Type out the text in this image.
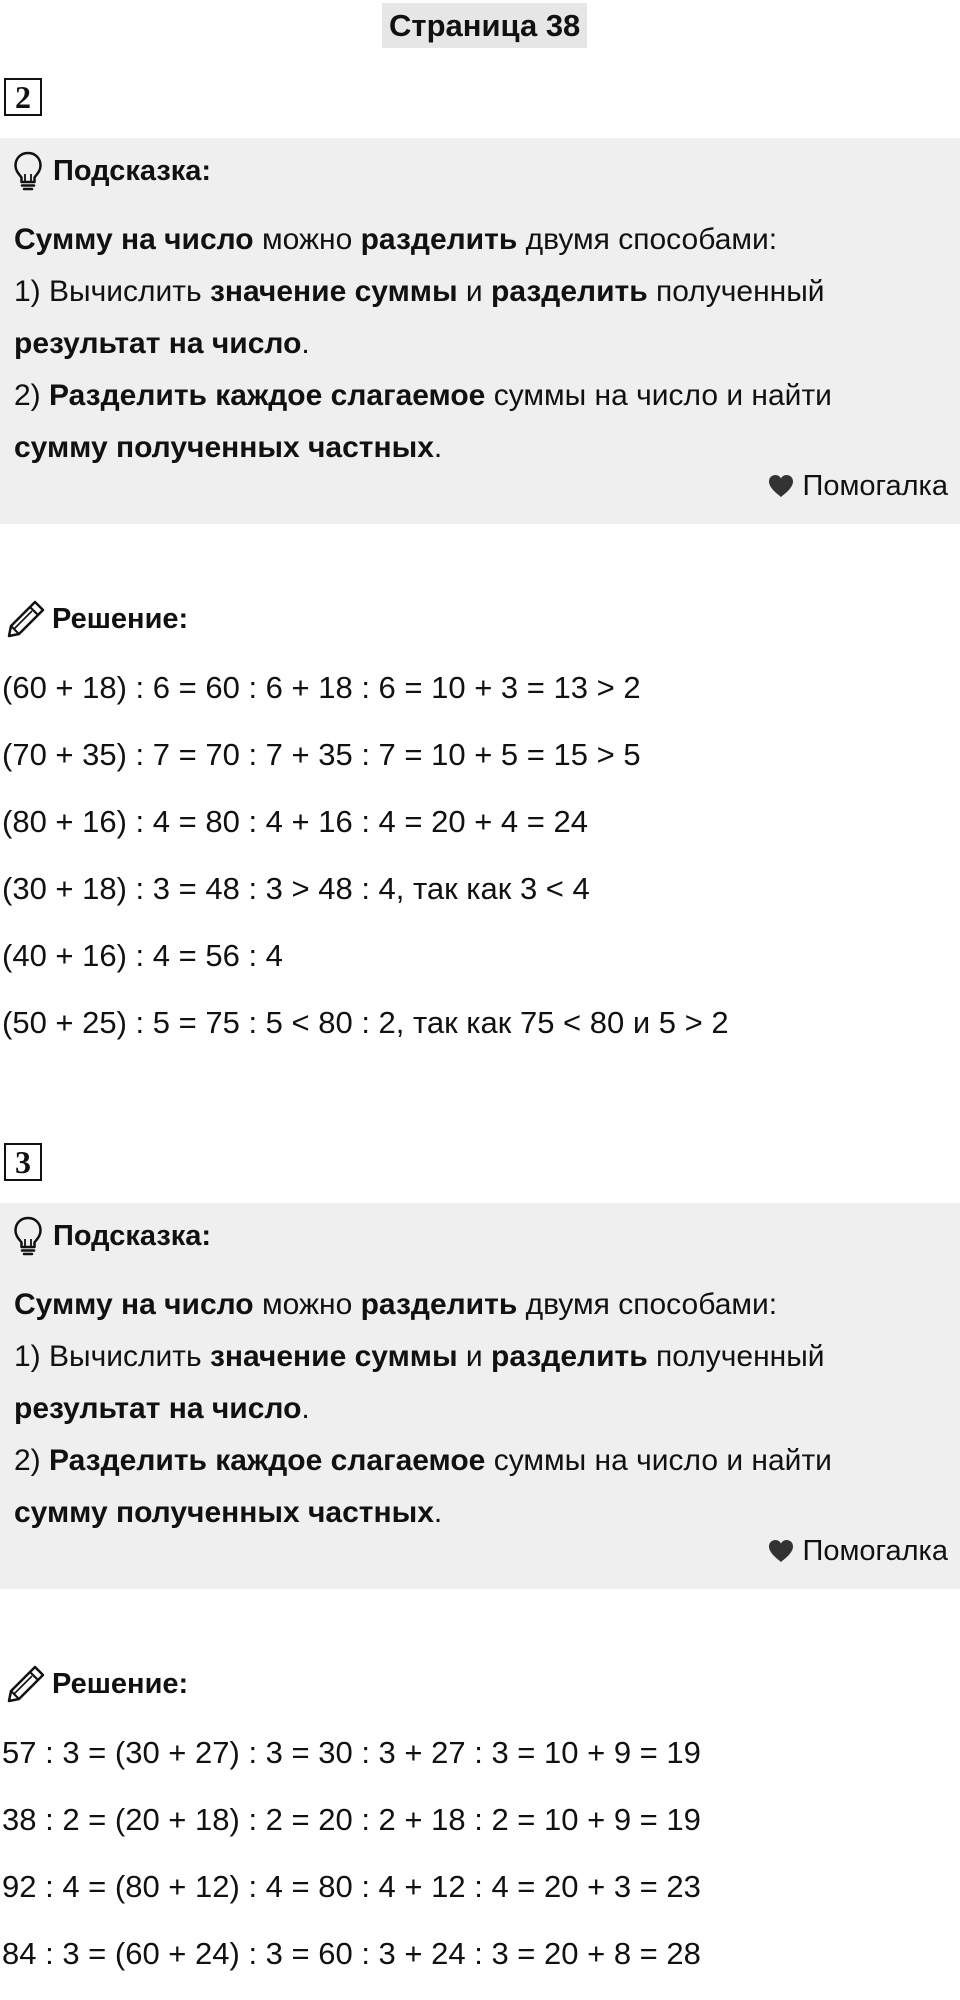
Страница 38
2
Подсказка:
Сумму на число можно разделить двумя способами:
1) Вычислить значение суммы и разделить полученный
результат на число.
2) Разделить каждое слагаемое суммы на число и найти
сумму полученных частных.
Помогалка
Решение:
(60 + 18) : 6 = 60 : 6 + 18 : 6 = 10 + 3 = 13 > 2
(70 + 35) : 7 = 70 : 7 + 35 : 7 = 10 + 5 = 15 > 5
(80 + 16) : 4 = 80 : 4 + 16 : 4 = 20 + 4 = 24
(30 + 18) : 3 = 48 : 3 > 48 : 4, так как 3 < 4
(40 + 16) : 4 = 56 : 4
(50 + 25) : 5 = 75 : 5 < 80 : 2, так как 75 < 80 и 5 > 2
3
Подсказка:
Сумму на число можно разделить двумя способами:
1) Вычислить значение суммы и разделить полученный
результат на число.
2) Разделить каждое слагаемое суммы на число и найти
сумму полученных частных.
Помогалка
Решение:
57 : 3 = (30 + 27) : 3 = 30 : 3 + 27 : 3 = 10 + 9 = 19
38 : 2 = (20 + 18) : 2 = 20 : 2 + 18 : 2 = 10 + 9 = 19
92 : 4 = (80 + 12) : 4 = 80 : 4 + 12 : 4 = 20 + 3 = 23
84 : 3 = (60 + 24) : 3 = 60 : 3 + 24 : 3 = 20 + 8 = 28
